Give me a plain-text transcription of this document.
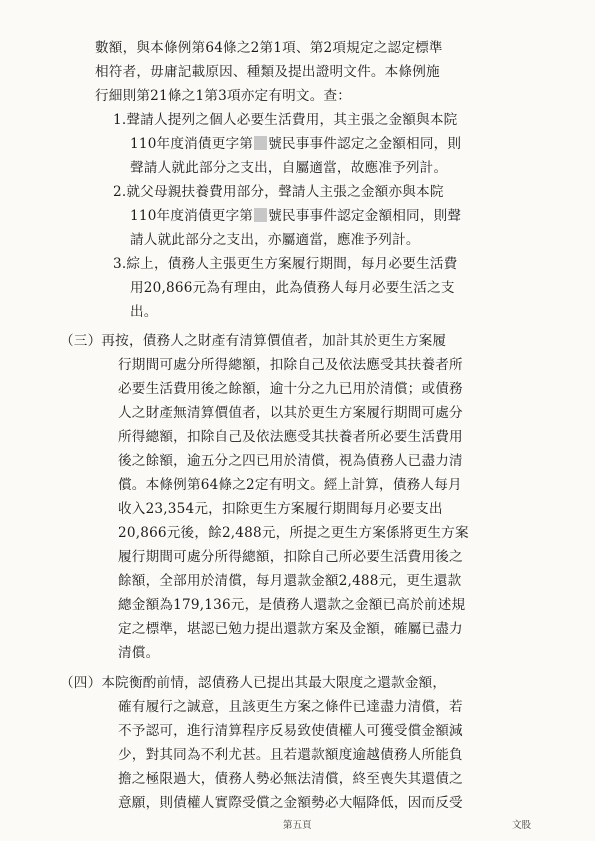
數額，與本條例第64條之2第1項、第2項規定之認定標準
相符者，毋庸記載原因、種類及提出證明文件。本條例施
行細則第21條之1第3項亦定有明文。查：
1.聲請人提列之個人必要生活費用，其主張之金額與本院
110年度消債更字第 號民事事件認定之金額相同，則
聲請人就此部分之支出，自屬適當，故應准予列計。
2.就父母親扶養費用部分，聲請人主張之金額亦與本院
110年度消債更字第 號民事事件認定金額相同，則聲
請人就此部分之支出，亦屬適當，應准予列計。
3.綜上，債務人主張更生方案履行期間，每月必要生活費
用20,866元為有理由，此為債務人每月必要生活之支
出。
（三）再按，債務人之財產有清算價值者，加計其於更生方案履
行期間可處分所得總額，扣除自己及依法應受其扶養者所
必要生活費用後之餘額，逾十分之九已用於清償；或債務
人之財產無清算價值者，以其於更生方案履行期間可處分
所得總額，扣除自己及依法應受其扶養者所必要生活費用
後之餘額，逾五分之四已用於清償，視為債務人已盡力清
償。本條例第64條之2定有明文。經上計算，債務人每月
收入23,354元，扣除更生方案履行期間每月必要支出
20,866元後，餘2,488元，所提之更生方案係將更生方案
履行期間可處分所得總額，扣除自己所必要生活費用後之
餘額，全部用於清償，每月還款金額2,488元，更生還款
總金額為179,136元，是債務人還款之金額已高於前述規
定之標準，堪認已勉力提出還款方案及金額，確屬已盡力
清償。
（四）本院衡酌前情，認債務人已提出其最大限度之還款金額，
確有履行之誠意，且該更生方案之條件已達盡力清償，若
不予認可，進行清算程序反易致使債權人可獲受償金額減
少，對其同為不利尤甚。且若還款額度逾越債務人所能負
擔之極限過大，債務人勢必無法清償，終至喪失其還債之
意願，則債權人實際受償之金額勢必大幅降低，因而反受
第五頁	文股
